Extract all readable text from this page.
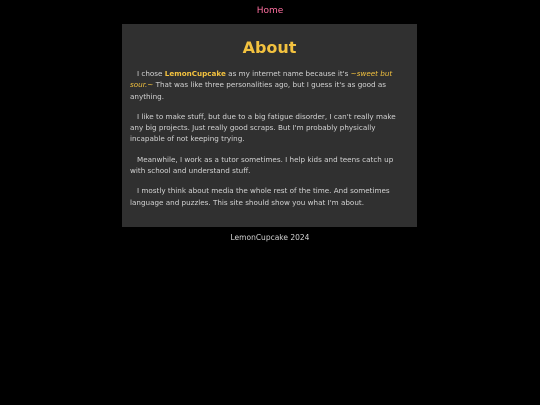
Home
About

I chose LemonCupcake as my internet name because it's ~sweet but sour.~ That was like three personalities ago, but I guess it's as good as anything.

I like to make stuff, but due to a big fatigue disorder, I can't really make any big projects. Just really good scraps. But I'm probably physically incapable of not keeping trying.

Meanwhile, I work as a tutor sometimes. I help kids and teens catch up with school and understand stuff.

I mostly think about media the whole rest of the time. And sometimes language and puzzles. This site should show you what I'm about.

LemonCupcake 2024
